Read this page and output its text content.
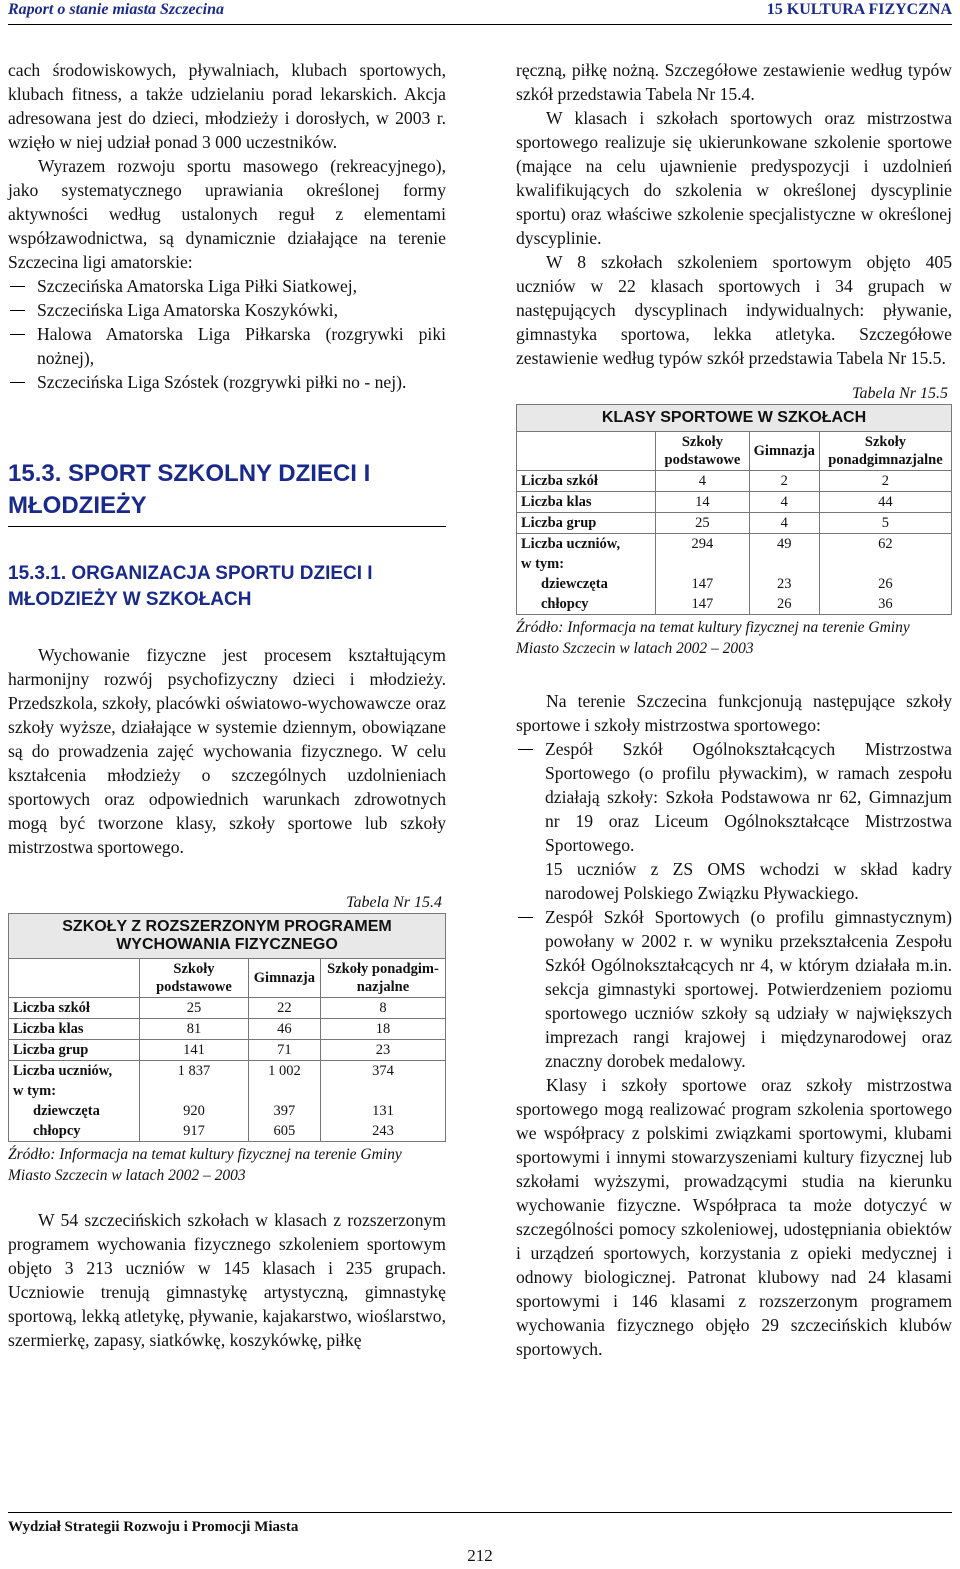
Raport o stanie miasta Szczecina	15 KULTURA FIZYCZNA

cach środowiskowych, pływalniach, klubach sportowych, klubach fitness, a także udzielaniu porad lekarskich. Akcja adresowana jest do dzieci, młodzieży i dorosłych, w 2003 r. wzięło w niej udział ponad 3 000 uczestników.

Wyrazem rozwoju sportu masowego (rekreacyjnego), jako systematycznego uprawiania określonej formy aktywności według ustalonych reguł z elementami współzawodnictwa, są dynamicznie działające na terenie Szczecina ligi amatorskie:

Szczecińska Amatorska Liga Piłki Siatkowej,
Szczecińska Liga Amatorska Koszykówki,
Halowa Amatorska Liga Piłkarska (rozgrywki piki nożnej),
Szczecińska Liga Szóstek (rozgrywki piłki no - nej).
15.3. SPORT SZKOLNY DZIECI I MŁODZIEŻY
15.3.1. ORGANIZACJA SPORTU DZIECI I MŁODZIEŻY W SZKOŁACH

Wychowanie fizyczne jest procesem kształtującym harmonijny rozwój psychofizyczny dzieci i młodzieży. Przedszkola, szkoły, placówki oświatowo-wychowawcze oraz szkoły wyższe, działające w systemie dziennym, obowiązane są do prowadzenia zajęć wychowania fizycznego. W celu kształcenia młodzieży o szczególnych uzdolnieniach sportowych oraz odpowiednich warunkach zdrowotnych mogą być tworzone klasy, szkoły sportowe lub szkoły mistrzostwa sportowego.

Tabela Nr 15.4
SZKOŁY Z ROZSZERZONYM PROGRAMEM WYCHOWANIA FIZYCZNEGO			
	Szkoły podstawowe	Gimnazja	Szkoły ponadgim-nazjalne
Liczba szkół	25	22	8
Liczba klas	81	46	18
Liczba grup	141	71	23
Liczba uczniów,	1 837	1 002	374
w tym:			
dziewczęta	920	397	131
chłopcy	917	605	243
Źródło: Informacja na temat kultury fizycznej na terenie Gminy Miasto Szczecin w latach 2002 – 2003

W 54 szczecińskich szkołach w klasach z rozszerzonym programem wychowania fizycznego szkoleniem sportowym objęto 3 213 uczniów w 145 klasach i 235 grupach. Uczniowie trenują gimnastykę artystyczną, gimnastykę sportową, lekką atletykę, pływanie, kajakarstwo, wioślarstwo, szermierkę, zapasy, siatkówkę, koszykówkę, piłkę

ręczną, piłkę nożną. Szczegółowe zestawienie według typów szkół przedstawia Tabela Nr 15.4.

W klasach i szkołach sportowych oraz mistrzostwa sportowego realizuje się ukierunkowane szkolenie sportowe (mające na celu ujawnienie predyspozycji i uzdolnień kwalifikujących do szkolenia w określonej dyscyplinie sportu) oraz właściwe szkolenie specjalistyczne w określonej dyscyplinie.

W 8 szkołach szkoleniem sportowym objęto 405 uczniów w 22 klasach sportowych i 34 grupach w następujących dyscyplinach indywidualnych: pływanie, gimnastyka sportowa, lekka atletyka. Szczegółowe zestawienie według typów szkół przedstawia Tabela Nr 15.5.

Tabela Nr 15.5
KLASY SPORTOWE W SZKOŁACH			
	Szkoły podstawowe	Gimnazja	Szkoły ponadgimnazjalne
Liczba szkół	4	2	2
Liczba klas	14	4	44
Liczba grup	25	4	5
Liczba uczniów,	294	49	62
w tym:			
dziewczęta	147	23	26
chłopcy	147	26	36
Źródło: Informacja na temat kultury fizycznej na terenie Gminy Miasto Szczecin w latach 2002 – 2003

Na terenie Szczecina funkcjonują następujące szkoły sportowe i szkoły mistrzostwa sportowego:

Zespół Szkół Ogólnokształcących Mistrzostwa Sportowego (o profilu pływackim), w ramach zespołu działają szkoły: Szkoła Podstawowa nr 62, Gimnazjum nr 19 oraz Liceum Ogólnokształcące Mistrzostwa Sportowego.

15 uczniów z ZS OMS wchodzi w skład kadry narodowej Polskiego Związku Pływackiego.

Zespół Szkół Sportowych (o profilu gimnastycznym) powołany w 2002 r. w wyniku przekształcenia Zespołu Szkół Ogólnokształcących nr 4, w którym działała m.in. sekcja gimnastyki sportowej. Potwierdzeniem poziomu sportowego uczniów szkoły są udziały w największych imprezach rangi krajowej i międzynarodowej oraz znaczny dorobek medalowy.

Klasy i szkoły sportowe oraz szkoły mistrzostwa sportowego mogą realizować program szkolenia sportowego we współpracy z polskimi związkami sportowymi, klubami sportowymi i innymi stowarzyszeniami kultury fizycznej lub szkołami wyższymi, prowadzącymi studia na kierunku wychowanie fizyczne. Współpraca ta może dotyczyć w szczególności pomocy szkoleniowej, udostępniania obiektów i urządzeń sportowych, korzystania z opieki medycznej i odnowy biologicznej. Patronat klubowy nad 24 klasami sportowymi i 146 klasami z rozszerzonym programem wychowania fizycznego objęło 29 szczecińskich klubów sportowych.

Wydział Strategii Rozwoju i Promocji Miasta
212
